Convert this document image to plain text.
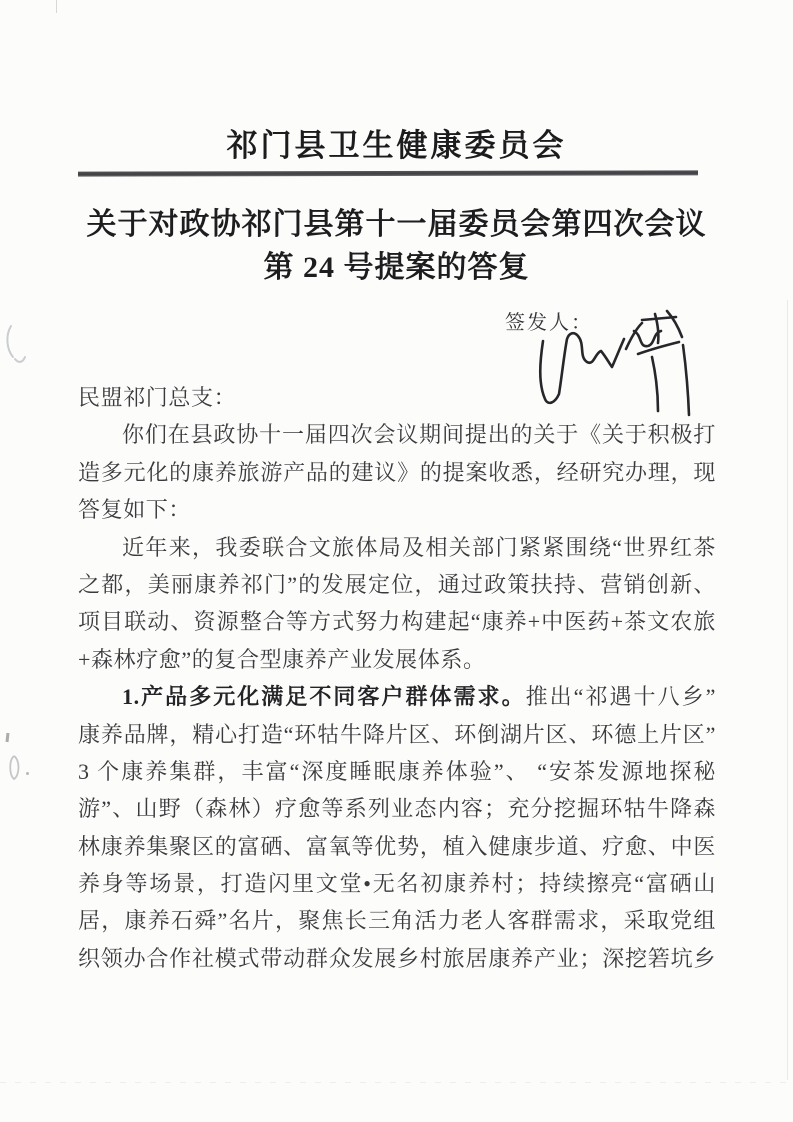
祁门县卫生健康委员会
关于对政协祁门县第十一届委员会第四次会议
第 24 号提案的答复
签发人：
民盟祁门总支：
你们在县政协十一届四次会议期间提出的关于《关于积极打
造多元化的康养旅游产品的建议》的提案收悉，经研究办理，现
答复如下：
近年来，我委联合文旅体局及相关部门紧紧围绕“世界红茶
之都，美丽康养祁门”的发展定位，通过政策扶持、营销创新、
项目联动、资源整合等方式努力构建起“康养+中医药+茶文农旅
+森林疗愈”的复合型康养产业发展体系。
1.产品多元化满足不同客户群体需求。推出“祁遇十八乡”
康养品牌，精心打造“环牯牛降片区、环倒湖片区、环德上片区”
3 个康养集群，丰富“深度睡眠康养体验”、 “安茶发源地探秘
游”、山野（森林）疗愈等系列业态内容；充分挖掘环牯牛降森
林康养集聚区的富硒、富氧等优势，植入健康步道、疗愈、中医
养身等场景，打造闪里文堂•无名初康养村；持续擦亮“富硒山
居，康养石舜”名片，聚焦长三角活力老人客群需求，采取党组
织领办合作社模式带动群众发展乡村旅居康养产业；深挖箬坑乡
